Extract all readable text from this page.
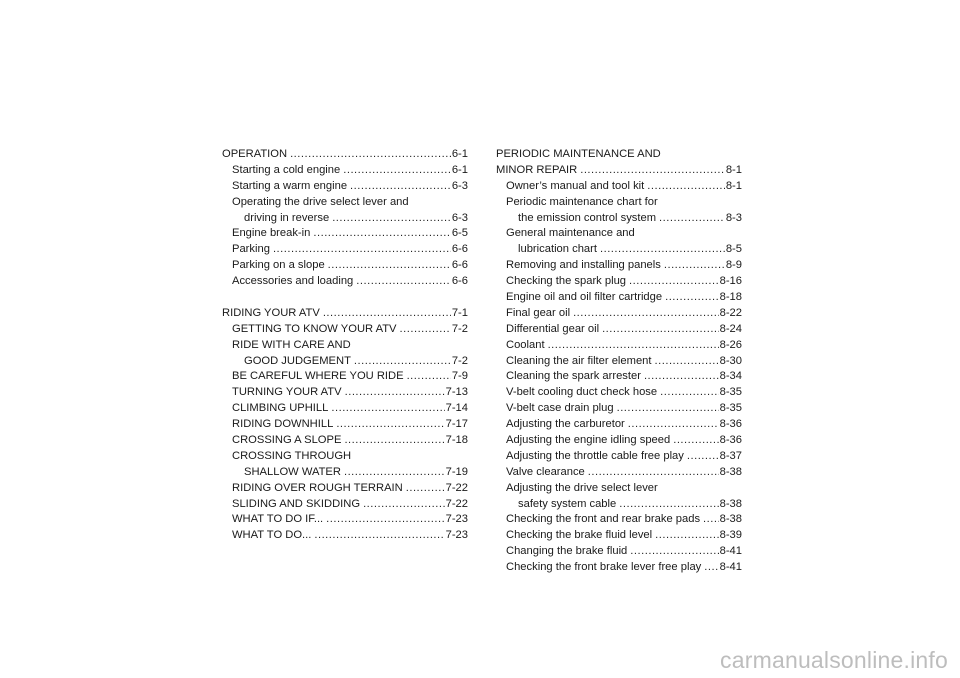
OPERATION .....	6-1
Starting a cold engine .....	6-1
Starting a warm engine .....	6-3
Operating the drive select lever and
driving in reverse .....	6-3
Engine break-in .....	6-5
Parking .....	6-6
Parking on a slope .....	6-6
Accessories and loading .....	6-6
RIDING YOUR ATV .....	7-1
GETTING TO KNOW YOUR ATV .....	7-2
RIDE WITH CARE AND
GOOD JUDGEMENT .....	7-2
BE CAREFUL WHERE YOU RIDE .....	7-9
TURNING YOUR ATV .....	7-13
CLIMBING UPHILL .....	7-14
RIDING DOWNHILL .....	7-17
CROSSING A SLOPE .....	7-18
CROSSING THROUGH
SHALLOW WATER .....	7-19
RIDING OVER ROUGH TERRAIN .....	7-22
SLIDING AND SKIDDING .....	7-22
WHAT TO DO IF... .....	7-23
WHAT TO DO... .....	7-23
PERIODIC MAINTENANCE AND
MINOR REPAIR .....	8-1
Owner’s manual and tool kit .....	8-1
Periodic maintenance chart for
the emission control system .....	8-3
General maintenance and
lubrication chart .....	8-5
Removing and installing panels .....	8-9
Checking the spark plug .....	8-16
Engine oil and oil filter cartridge .....	8-18
Final gear oil .....	8-22
Differential gear oil .....	8-24
Coolant .....	8-26
Cleaning the air filter element .....	8-30
Cleaning the spark arrester .....	8-34
V-belt cooling duct check hose .....	8-35
V-belt case drain plug .....	8-35
Adjusting the carburetor .....	8-36
Adjusting the engine idling speed .....	8-36
Adjusting the throttle cable free play .....	8-37
Valve clearance .....	8-38
Adjusting the drive select lever
safety system cable .....	8-38
Checking the front and rear brake pads ..... 8-38
Checking the brake fluid level .....	8-39
Changing the brake fluid .....	8-41
Checking the front brake lever free play ..... 8-41
carmanualsonline.info
